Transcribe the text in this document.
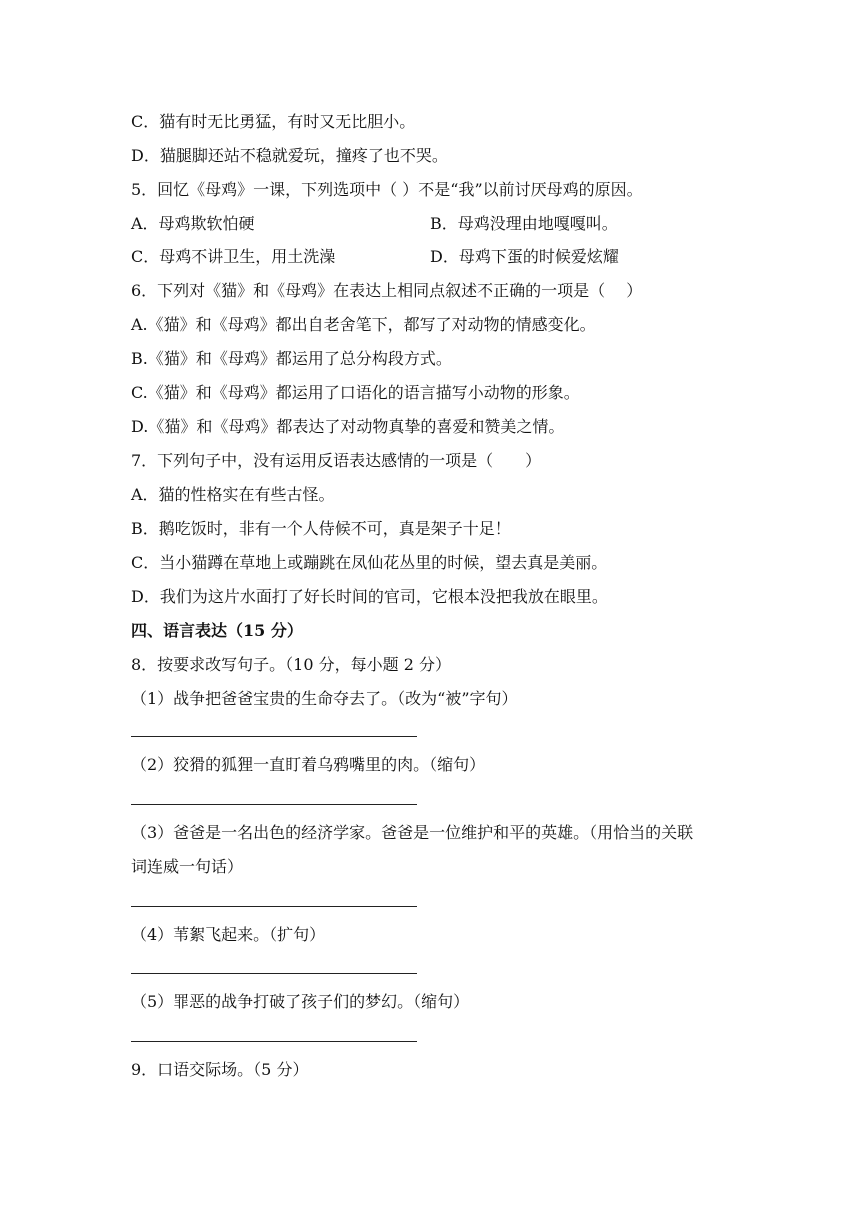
C．猫有时无比勇猛，有时又无比胆小。
D．猫腿脚还站不稳就爱玩，撞疼了也不哭。
5．回忆《母鸡》一课，下列选项中（ ）不是“我”以前讨厌母鸡的原因。
A．母鸡欺软怕硬	B．母鸡没理由地嘎嘎叫。
C．母鸡不讲卫生，用土洗澡	D．母鸡下蛋的时候爱炫耀
6．下列对《猫》和《母鸡》在表达上相同点叙述不正确的一项是（　 ）
A.《猫》和《母鸡》都出自老舍笔下，都写了对动物的情感变化。
B.《猫》和《母鸡》都运用了总分构段方式。
C.《猫》和《母鸡》都运用了口语化的语言描写小动物的形象。
D.《猫》和《母鸡》都表达了对动物真挚的喜爱和赞美之情。
7．下列句子中，没有运用反语表达感情的一项是（　　）
A．猫的性格实在有些古怪。
B．鹅吃饭时，非有一个人侍候不可，真是架子十足！
C．当小猫蹲在草地上或蹦跳在凤仙花丛里的时候，望去真是美丽。
D．我们为这片水面打了好长时间的官司，它根本没把我放在眼里。
四、语言表达（15 分）
8．按要求改写句子。（10 分，每小题 2 分）
（1）战争把爸爸宝贵的生命夺去了。（改为“被”字句）
（2）狡猾的狐狸一直盯着乌鸦嘴里的肉。（缩句）
（3）爸爸是一名出色的经济学家。爸爸是一位维护和平的英雄。（用恰当的关联
词连威一句话）
（4）苇絮飞起来。（扩句）
（5）罪恶的战争打破了孩子们的梦幻。（缩句）
9．口语交际场。（5 分）
